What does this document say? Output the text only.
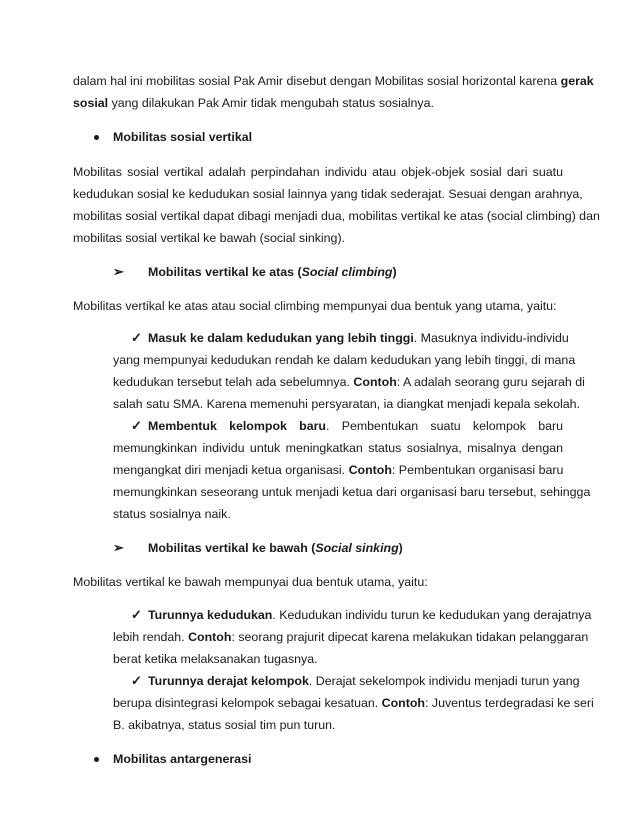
dalam hal ini mobilitas sosial Pak Amir disebut dengan Mobilitas sosial horizontal karena gerak
sosial yang dilakukan Pak Amir tidak mengubah status sosialnya.
Mobilitas sosial vertikal
Mobilitas sosial vertikal adalah perpindahan individu atau objek-objek sosial dari suatu
kedudukan sosial ke kedudukan sosial lainnya yang tidak sederajat. Sesuai dengan arahnya,
mobilitas sosial vertikal dapat dibagi menjadi dua, mobilitas vertikal ke atas (social climbing) dan
mobilitas sosial vertikal ke bawah (social sinking).
➢ Mobilitas vertikal ke atas (Social climbing)
Mobilitas vertikal ke atas atau social climbing mempunyai dua bentuk yang utama, yaitu:
✓ Masuk ke dalam kedudukan yang lebih tinggi. Masuknya individu-individu
yang mempunyai kedudukan rendah ke dalam kedudukan yang lebih tinggi, di mana
kedudukan tersebut telah ada sebelumnya. Contoh: A adalah seorang guru sejarah di
salah satu SMA. Karena memenuhi persyaratan, ia diangkat menjadi kepala sekolah.
✓ Membentuk kelompok baru. Pembentukan suatu kelompok baru
memungkinkan individu untuk meningkatkan status sosialnya, misalnya dengan
mengangkat diri menjadi ketua organisasi. Contoh: Pembentukan organisasi baru
memungkinkan seseorang untuk menjadi ketua dari organisasi baru tersebut, sehingga
status sosialnya naik.
➢ Mobilitas vertikal ke bawah (Social sinking)
Mobilitas vertikal ke bawah mempunyai dua bentuk utama, yaitu:
✓ Turunnya kedudukan. Kedudukan individu turun ke kedudukan yang derajatnya
lebih rendah. Contoh: seorang prajurit dipecat karena melakukan tidakan pelanggaran
berat ketika melaksanakan tugasnya.
✓ Turunnya derajat kelompok. Derajat sekelompok individu menjadi turun yang
berupa disintegrasi kelompok sebagai kesatuan. Contoh: Juventus terdegradasi ke seri
B. akibatnya, status sosial tim pun turun.
Mobilitas antargenerasi
